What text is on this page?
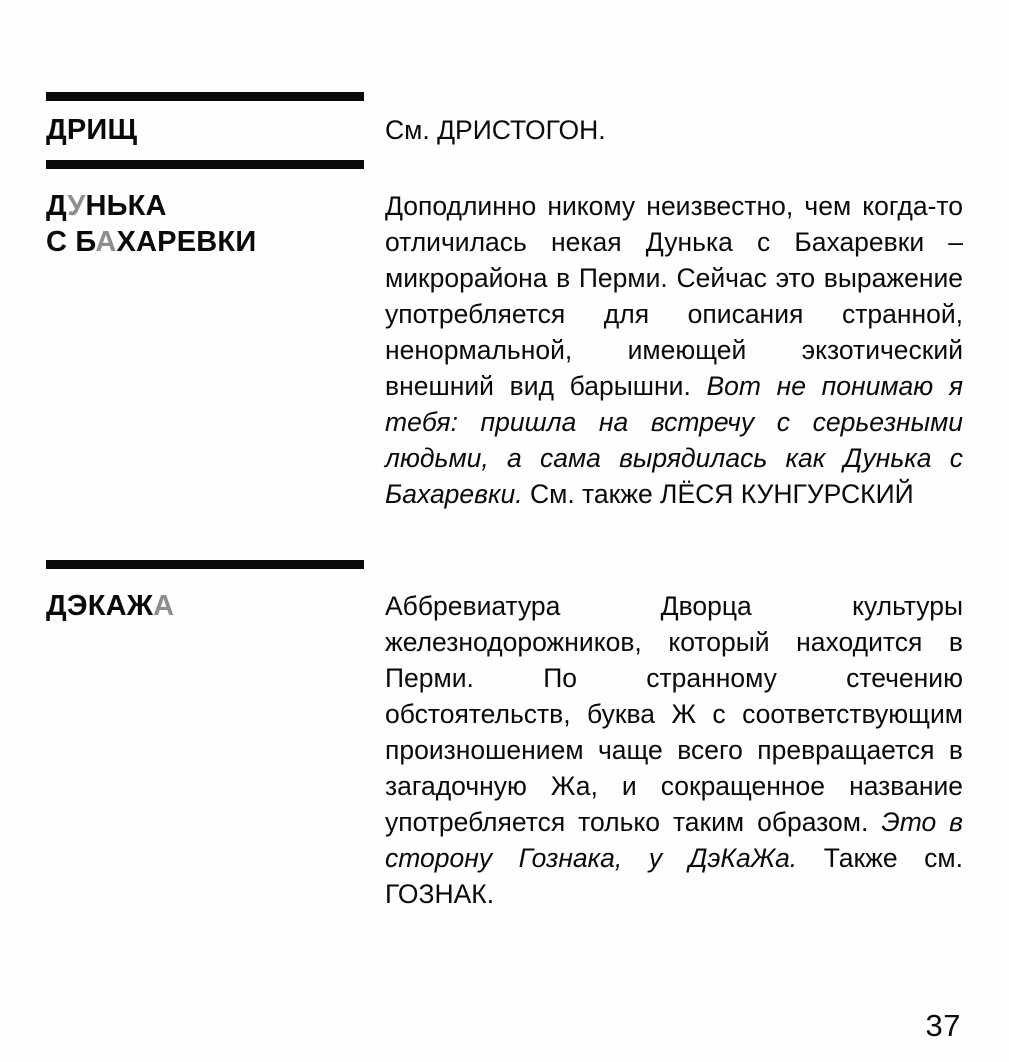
ДРИЩ	См. ДРИСТОГОН.

ДУНЬКА
С БАХАРЕВКИ

Доподлинно никому неизвестно, чем когда-то отличилась некая Дунька с Бахаревки – микрорайона в Перми. Сейчас это выражение употребляется для описания странной, ненормальной, имеющей экзотический внешний вид барышни. Вот не понимаю я тебя: пришла на встречу с серьезными людьми, а сама вырядилась как Дунька с Бахаревки. См. также ЛЁСЯ КУНГУРСКИЙ

ДЭКАЖА	Аббревиатура Дворца культуры железнодорожников, который находится в Перми. По странному стечению обстоятельств, буква Ж с соответствующим произношением чаще всего превращается в загадочную Жа, и сокращенное название употребляется только таким образом. Это в сторону Гознака, у ДэКаЖа. Также см. ГОЗНАК.

37
